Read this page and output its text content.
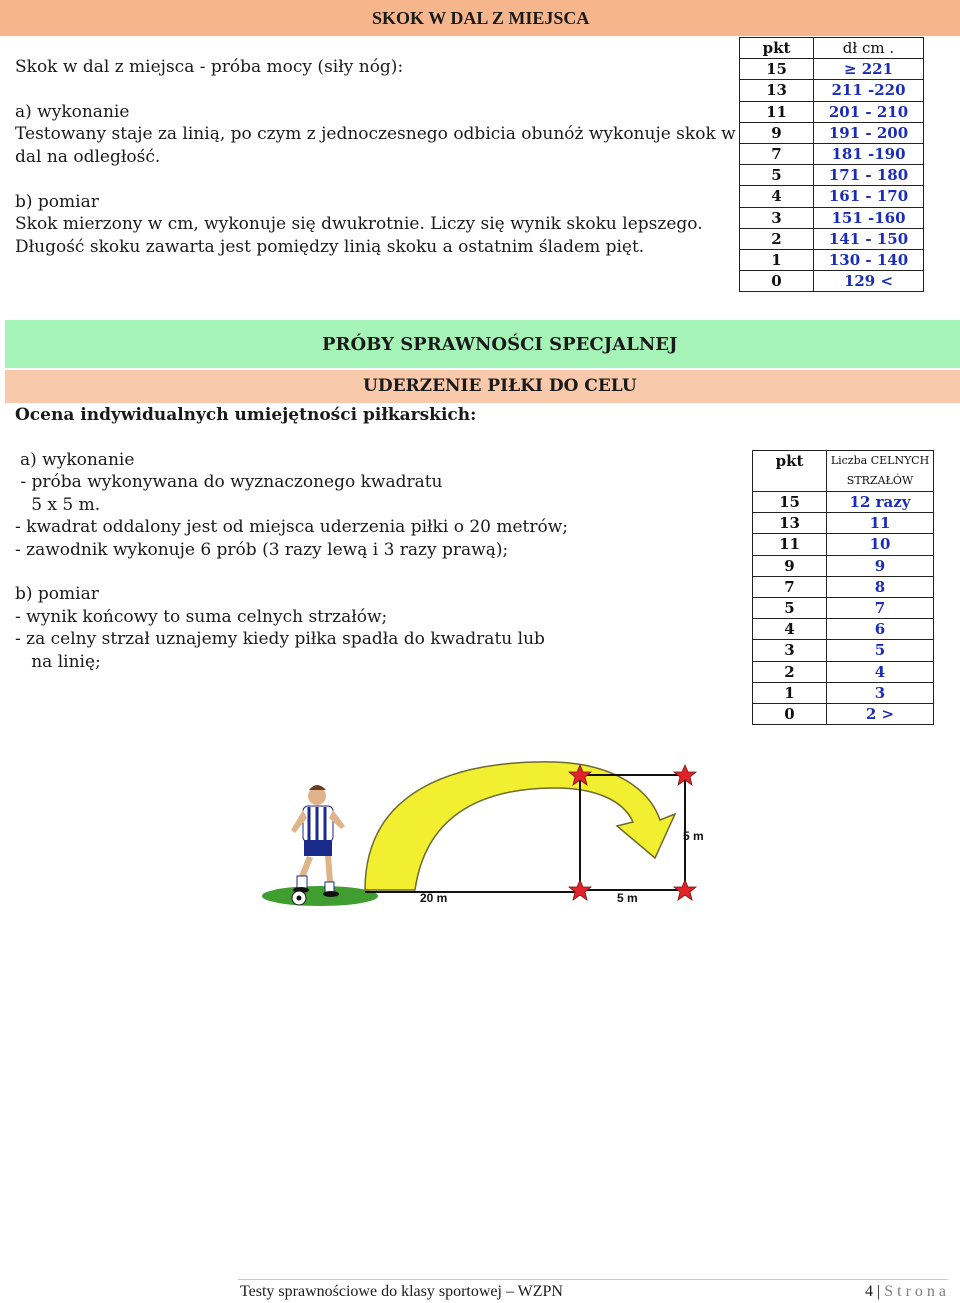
SKOK W DAL Z MIEJSCA
Skok w dal z miejsca - próba mocy (siły nóg):
a) wykonanie
Testowany staje za linią, po czym z jednoczesnego odbicia obunóż wykonuje skok w
dal na odległość.
b) pomiar
Skok mierzony w cm, wykonuje się dwukrotnie. Liczy się wynik skoku lepszego.
Długość skoku zawarta jest pomiędzy linią skoku a ostatnim śladem pięt.
pkt	dł cm .
15	≥ 221
13	211 -220
11	201 - 210
9	191 - 200
7	181 -190
5	171 - 180
4	161 - 170
3	151 -160
2	141 - 150
1	130 - 140
0	129 <
PRÓBY SPRAWNOŚCI SPECJALNEJ
UDERZENIE PIŁKI DO CELU
Ocena indywidualnych umiejętności piłkarskich:
a) wykonanie
- próba wykonywana do wyznaczonego kwadratu
5 x 5 m.
- kwadrat oddalony jest od miejsca uderzenia piłki o 20 metrów;
- zawodnik wykonuje 6 prób (3 razy lewą i 3 razy prawą);
b) pomiar
- wynik końcowy to suma celnych strzałów;
- za celny strzał uznajemy kiedy piłka spadła do kwadratu lub
na linię;
pkt	Liczba CELNYCH
STRZAŁÓW

15	12 razy
13	11
11	10
9	9
7	8
5	7
4	6
3	5
2	4
1	3
0	2 >
20 m	5 m
5 m
Testy sprawnościowe do klasy sportowej – WZPN	4 | S t r o n a
